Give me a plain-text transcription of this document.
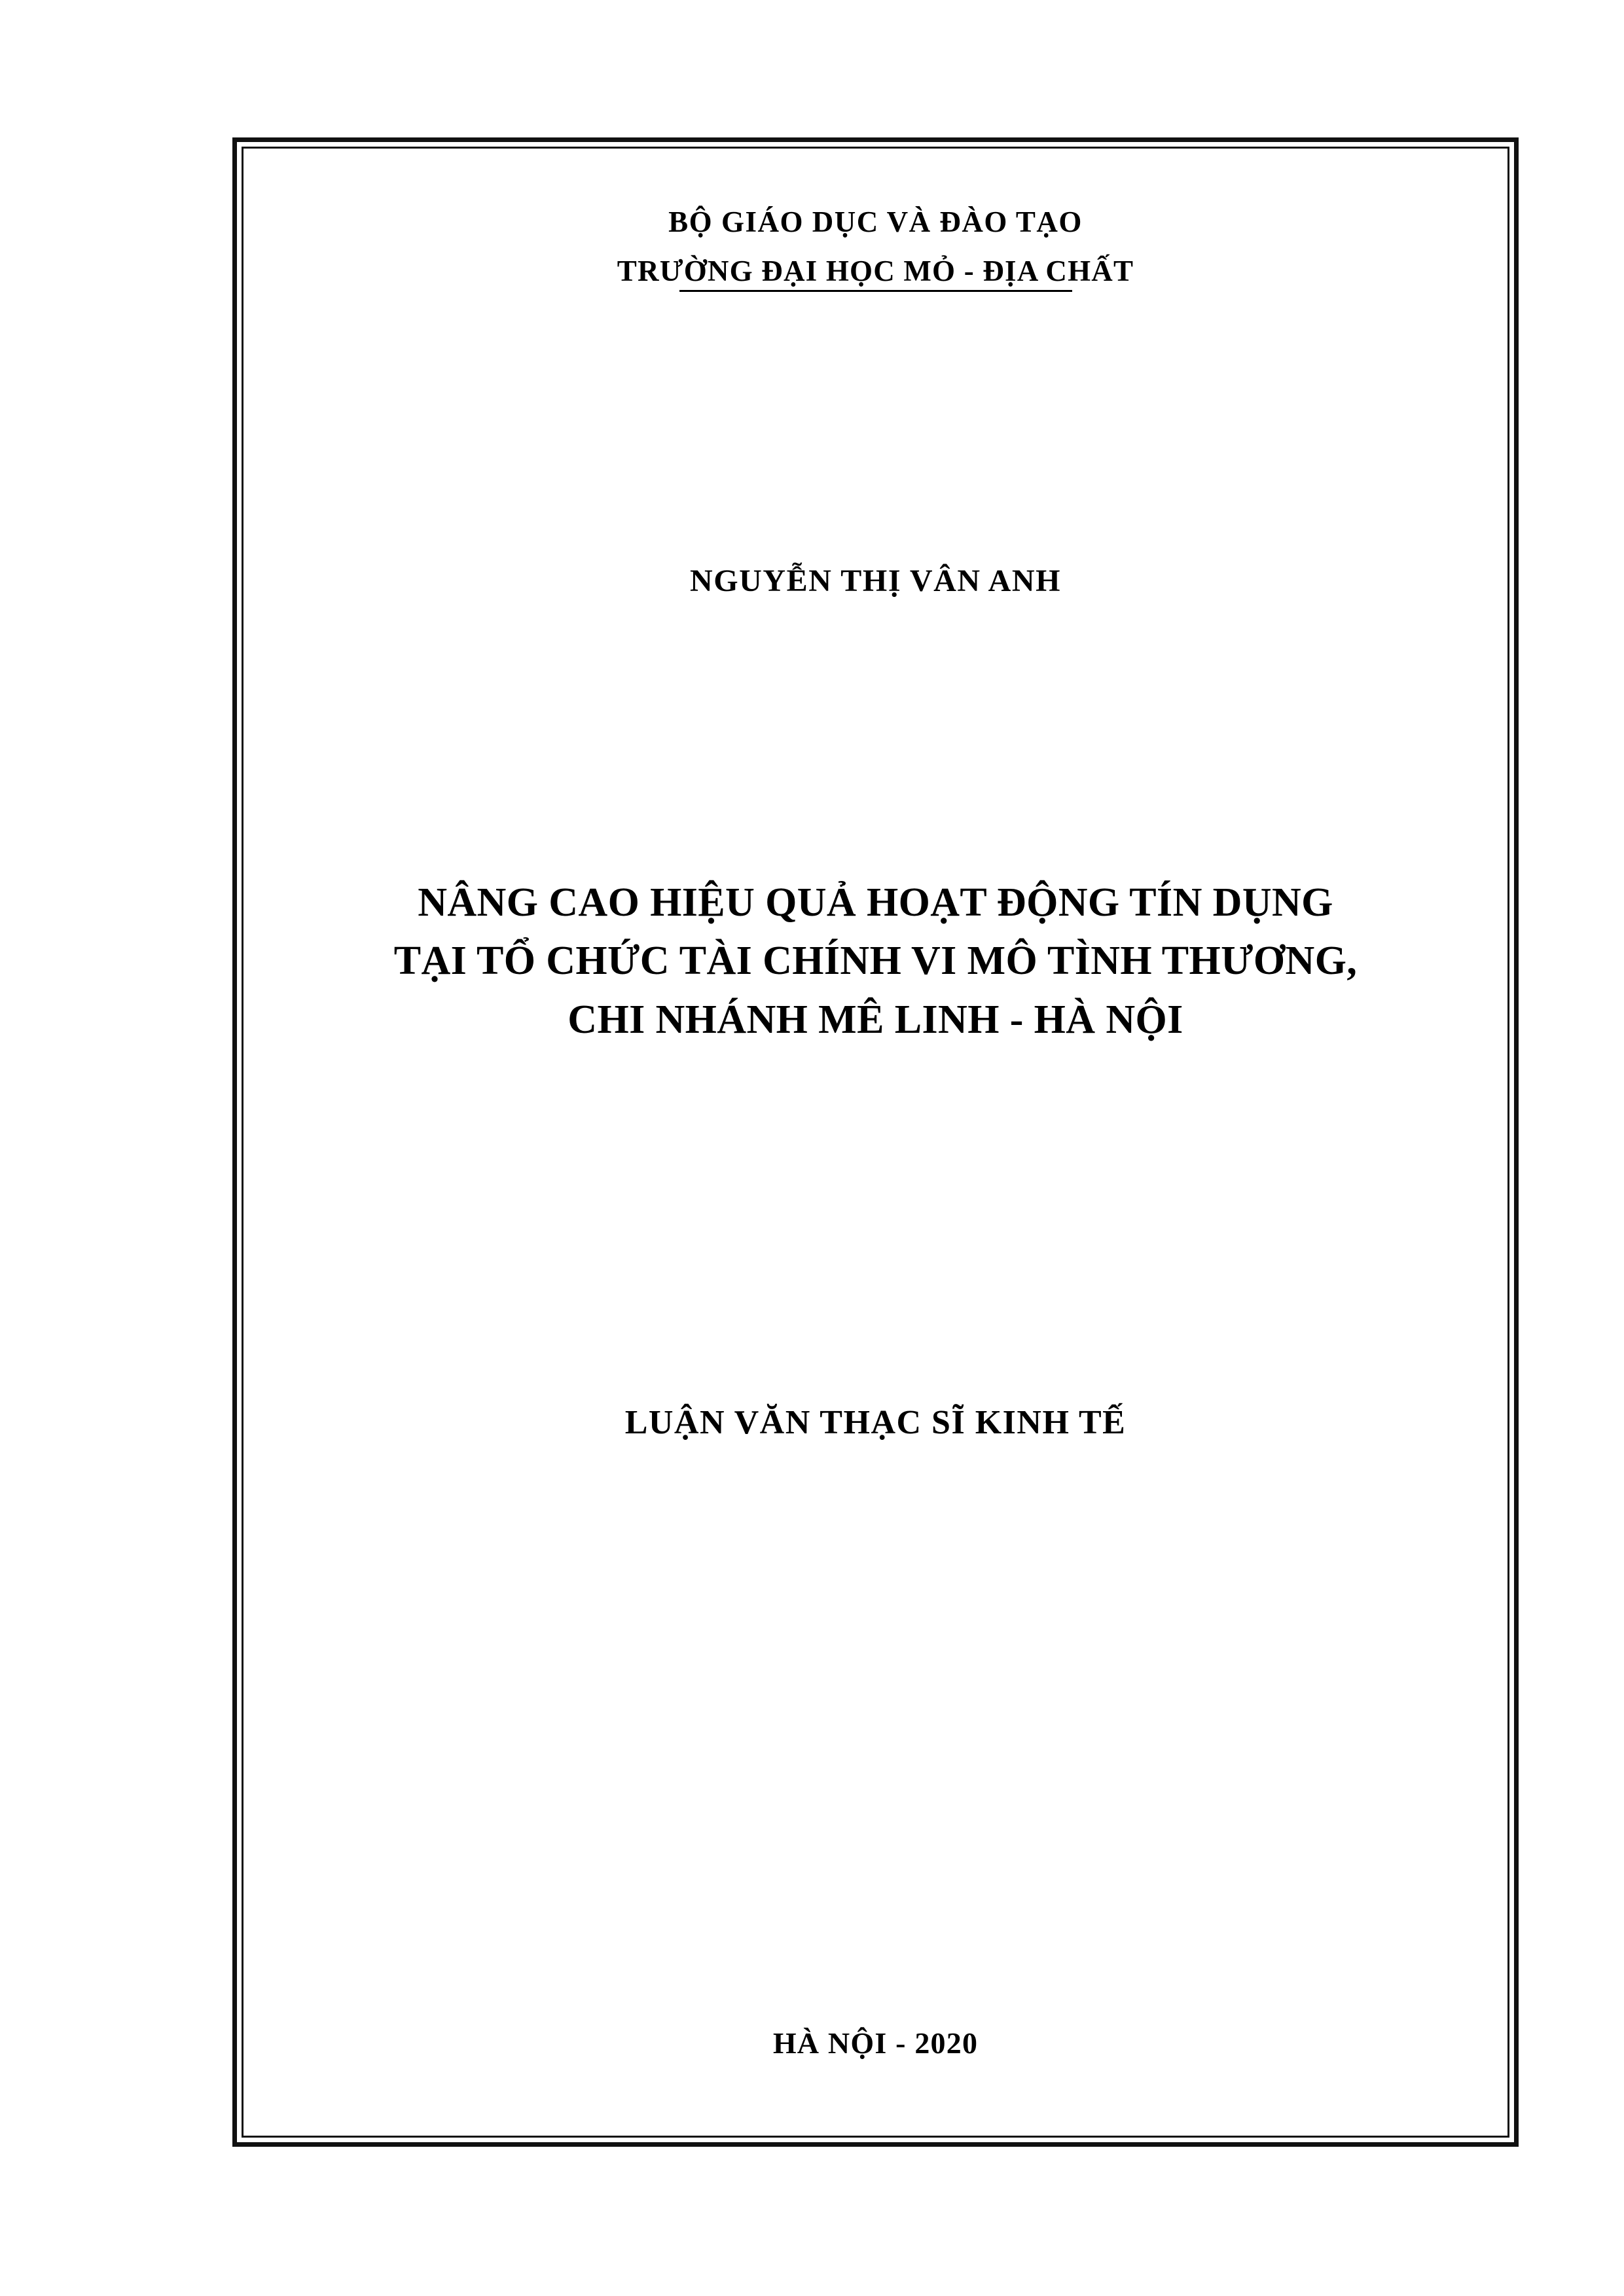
BỘ GIÁO DỤC VÀ ĐÀO TẠO
TRƯỜNG ĐẠI HỌC MỎ - ĐỊA CHẤT
NGUYỄN THỊ VÂN ANH
NÂNG CAO HIỆU QUẢ HOẠT ĐỘNG TÍN DỤNG
TẠI TỔ CHỨC TÀI CHÍNH VI MÔ TÌNH THƯƠNG,
CHI NHÁNH MÊ LINH - HÀ NỘI
LUẬN VĂN THẠC SĨ KINH TẾ
HÀ NỘI - 2020
